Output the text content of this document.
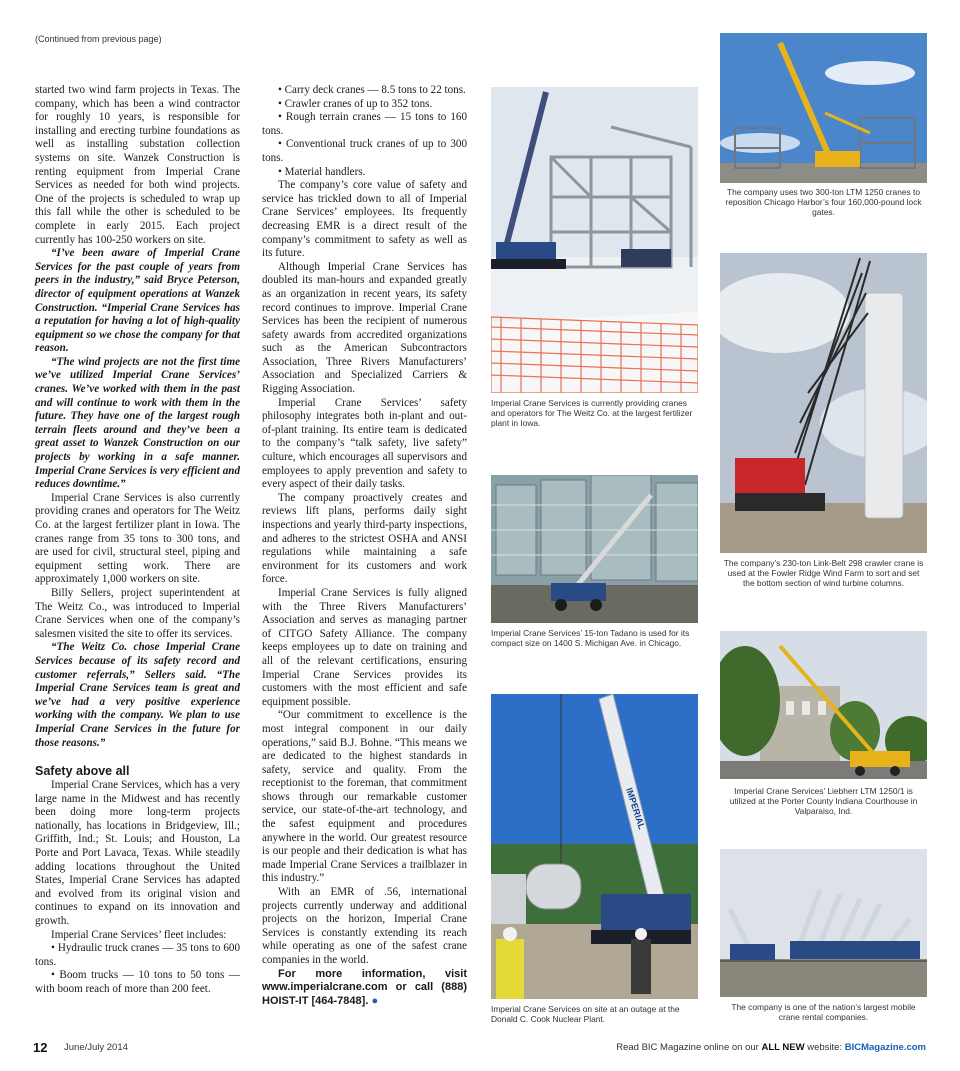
(Continued from previous page)

started two wind farm projects in Texas. The company, which has been a wind contractor for roughly 10 years, is responsible for installing and erecting turbine foundations as well as installing substation collection systems on site. Wanzek Construction is renting equipment from Imperial Crane Services as needed for both wind projects. One of the projects is scheduled to wrap up this fall while the other is scheduled to be complete in early 2015. Each project currently has 100-250 workers on site.

“I’ve been aware of Imperial Crane Services for the past couple of years from peers in the industry,” said Bryce Peterson, director of equipment operations at Wanzek Construction. “Imperial Crane Services has a reputation for having a lot of high-quality equipment so we chose the company for that reason.

“The wind projects are not the first time we’ve utilized Imperial Crane Services’ cranes. We’ve worked with them in the past and will continue to work with them in the future. They have one of the largest rough terrain fleets around and they’ve been a great asset to Wanzek Construction on our projects by working in a safe manner. Imperial Crane Services is very efficient and reduces downtime.”

Imperial Crane Services is also currently providing cranes and operators for The Weitz Co. at the largest fertilizer plant in Iowa. The cranes range from 35 tons to 300 tons, and are used for civil, structural steel, piping and equipment setting work. There are approximately 1,000 workers on site.

Billy Sellers, project superintendent at The Weitz Co., was introduced to Imperial Crane Services when one of the company’s salesmen visited the site to offer its services.

“The Weitz Co. chose Imperial Crane Services because of its safety record and customer referrals,” Sellers said. “The Imperial Crane Services team is great and we’ve had a very positive experience working with the company. We plan to use Imperial Crane Services in the future for those reasons.”

Safety above all

Imperial Crane Services, which has a very large name in the Midwest and has recently been doing more long-term projects nationally, has locations in Bridgeview, Ill.; Griffith, Ind.; St. Louis; and Houston, La Porte and Port Lavaca, Texas. While steadily adding locations throughout the United States, Imperial Crane Services has adapted and evolved from its original vision and continues to expand on its innovation and growth.

Imperial Crane Services’ fleet includes:

• Hydraulic truck cranes — 35 tons to 600 tons.

• Boom trucks — 10 tons to 50 tons — with boom reach of more than 200 feet.

• Carry deck cranes — 8.5 tons to 22 tons.

• Crawler cranes of up to 352 tons.

• Rough terrain cranes — 15 tons to 160 tons.

• Conventional truck cranes of up to 300 tons.

• Material handlers.

The company’s core value of safety and service has trickled down to all of Imperial Crane Services’ employees. Its frequently decreasing EMR is a direct result of the company’s commitment to safety as well as its future.

Although Imperial Crane Services has doubled its man-hours and expanded greatly as an organization in recent years, its safety record continues to improve. Imperial Crane Services has been the recipient of numerous safety awards from accredited organizations such as the American Subcontractors Association, Three Rivers Manufacturers’ Association and Specialized Carriers & Rigging Association.

Imperial Crane Services’ safety philosophy integrates both in-plant and out-of-plant training. Its entire team is dedicated to the company’s “talk safety, live safety” culture, which encourages all supervisors and employees to apply prevention and safety to every aspect of their daily tasks.

The company proactively creates and reviews lift plans, performs daily sight inspections and yearly third-party inspections, and adheres to the strictest OSHA and ANSI regulations while maintaining a safe environment for its customers and work force.

Imperial Crane Services is fully aligned with the Three Rivers Manufacturers’ Association and serves as managing partner of CITGO Safety Alliance. The company keeps employees up to date on training and all of the relevant certifications, ensuring Imperial Crane Services provides its customers with the most efficient and safe equipment possible.

“Our commitment to excellence is the most integral component in our daily operations,” said B.J. Bohne. “This means we are dedicated to the highest standards in safety, service and quality. From the receptionist to the foreman, that commitment shows through our remarkable customer service, our state-of-the-art technology, and the safest equipment and procedures anywhere in the world. Our greatest resource is our people and their dedication is what has made Imperial Crane Services a trailblazer in this industry.”

With an EMR of .56, international projects currently underway and additional projects on the horizon, Imperial Crane Services is constantly extending its reach while operating as one of the safest crane companies in the world.

For more information, visit www.imperialcrane.com or call (888) HOIST-IT [464-7848]. ●

Imperial Crane Services is currently providing cranes and operators for The Weitz Co. at the largest fertilizer plant in Iowa.
Imperial Crane Services’ 15-ton Tadano is used for its compact size on 1400 S. Michigan Ave. in Chicago.
IMPERIAL
Imperial Crane Services on site at an outage at the Donald C. Cook Nuclear Plant.
The company uses two 300-ton LTM 1250 cranes to reposition Chicago Harbor’s four 160,000-pound lock gates.
The company’s 230-ton Link-Belt 298 crawler crane is used at the Fowler Ridge Wind Farm to sort and set the bottom section of wind turbine columns.
Imperial Crane Services’ Liebherr LTM 1250/1 is utilized at the Porter County Indiana Courthouse in Valparaiso, Ind.
The company is one of the nation’s largest mobile crane rental companies.
12 June/July 2014	Read BIC Magazine online on our ALL NEW website: BICMagazine.com
